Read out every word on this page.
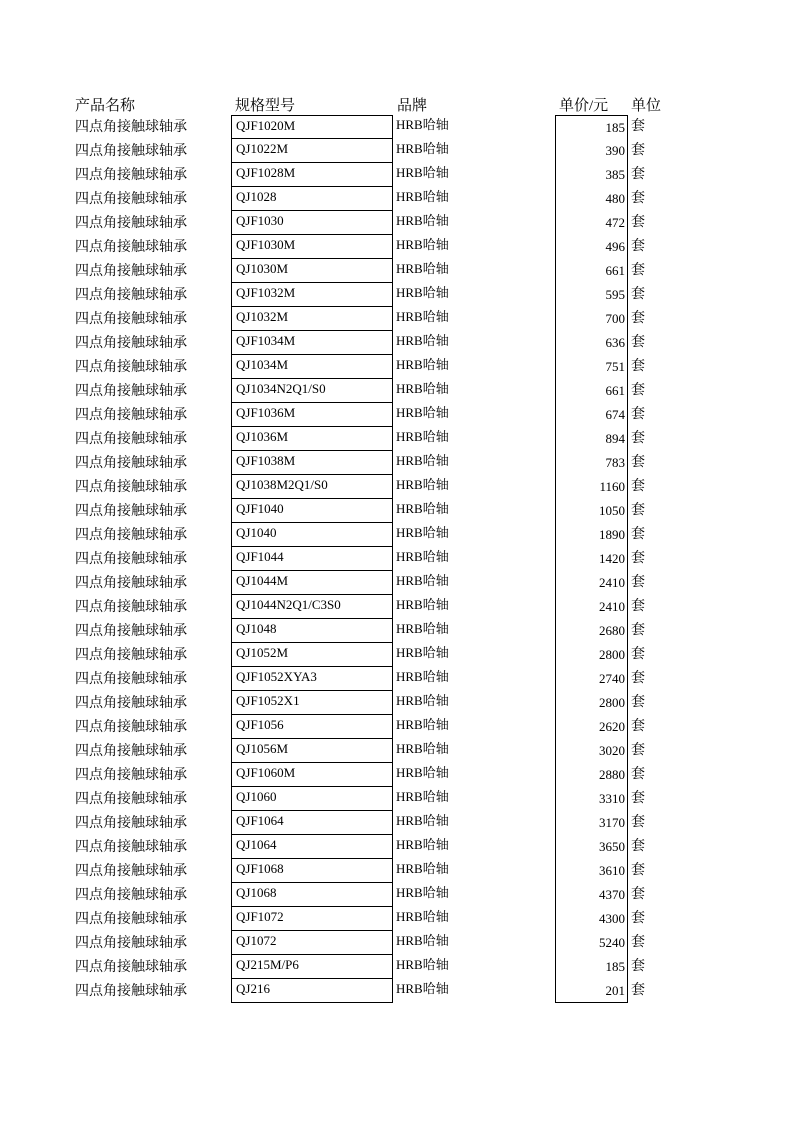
产品名称	规格型号	品牌	单价/元 单位
四点角接触球轴承	QJF1020M	HRB哈轴	185 套
四点角接触球轴承	QJ1022M	HRB哈轴	390 套
四点角接触球轴承	QJF1028M	HRB哈轴	385 套
四点角接触球轴承	QJ1028	HRB哈轴	480 套
四点角接触球轴承	QJF1030	HRB哈轴	472 套
四点角接触球轴承	QJF1030M	HRB哈轴	496 套
四点角接触球轴承	QJ1030M	HRB哈轴	661 套
四点角接触球轴承	QJF1032M	HRB哈轴	595 套
四点角接触球轴承	QJ1032M	HRB哈轴	700 套
四点角接触球轴承	QJF1034M	HRB哈轴	636 套
四点角接触球轴承	QJ1034M	HRB哈轴	751 套
四点角接触球轴承	QJ1034N2Q1/S0	HRB哈轴	661 套
四点角接触球轴承	QJF1036M	HRB哈轴	674 套
四点角接触球轴承	QJ1036M	HRB哈轴	894 套
四点角接触球轴承	QJF1038M	HRB哈轴	783 套
四点角接触球轴承	QJ1038M2Q1/S0	HRB哈轴	1160 套
四点角接触球轴承	QJF1040	HRB哈轴	1050 套
四点角接触球轴承	QJ1040	HRB哈轴	1890 套
四点角接触球轴承	QJF1044	HRB哈轴	1420 套
四点角接触球轴承	QJ1044M	HRB哈轴	2410 套
四点角接触球轴承	QJ1044N2Q1/C3S0	HRB哈轴	2410 套
四点角接触球轴承	QJ1048	HRB哈轴	2680 套
四点角接触球轴承	QJ1052M	HRB哈轴	2800 套
四点角接触球轴承	QJF1052XYA3	HRB哈轴	2740 套
四点角接触球轴承	QJF1052X1	HRB哈轴	2800 套
四点角接触球轴承	QJF1056	HRB哈轴	2620 套
四点角接触球轴承	QJ1056M	HRB哈轴	3020 套
四点角接触球轴承	QJF1060M	HRB哈轴	2880 套
四点角接触球轴承	QJ1060	HRB哈轴	3310 套
四点角接触球轴承	QJF1064	HRB哈轴	3170 套
四点角接触球轴承	QJ1064	HRB哈轴	3650 套
四点角接触球轴承	QJF1068	HRB哈轴	3610 套
四点角接触球轴承	QJ1068	HRB哈轴	4370 套
四点角接触球轴承	QJF1072	HRB哈轴	4300 套
四点角接触球轴承	QJ1072	HRB哈轴	5240 套
四点角接触球轴承	QJ215M/P6	HRB哈轴	185 套
四点角接触球轴承	QJ216	HRB哈轴	201 套
